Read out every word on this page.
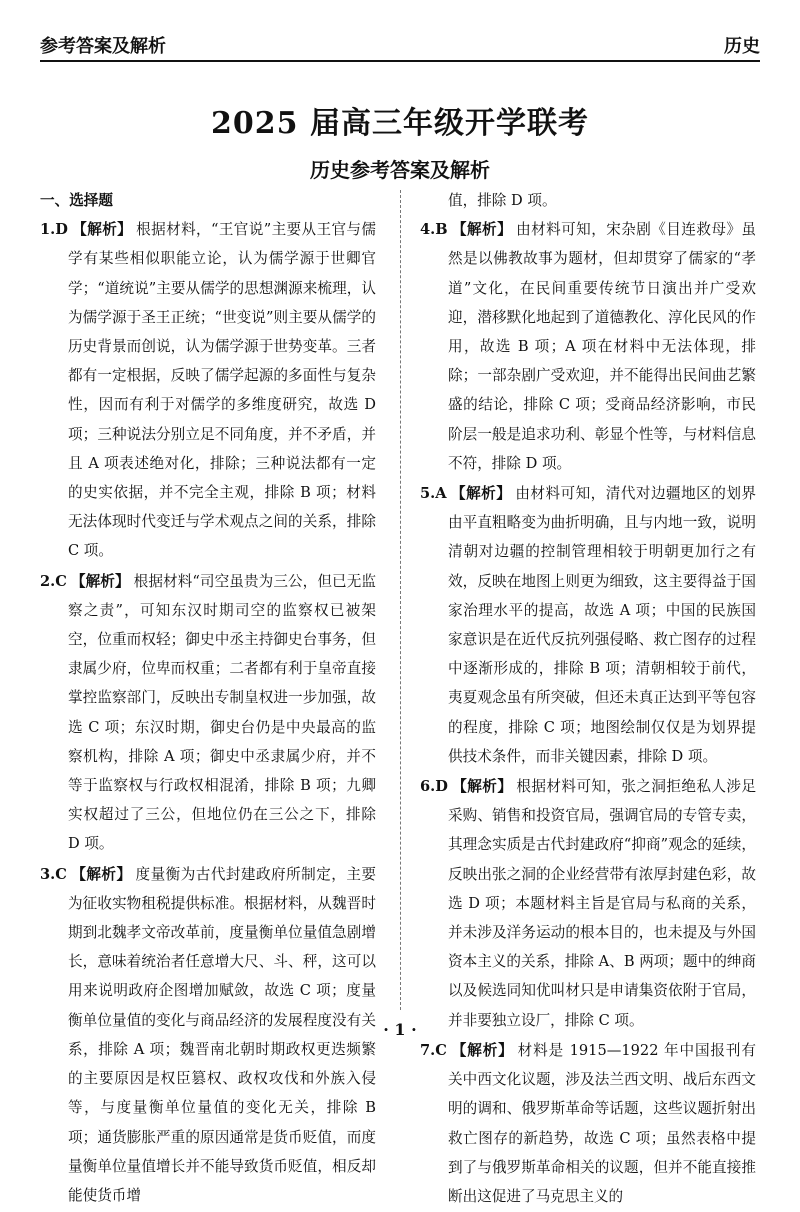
参考答案及解析	历史
2025 届高三年级开学联考
历史参考答案及解析

一、选择题

1.D 【解析】 根据材料，“王官说”主要从王官与儒学有某些相似职能立论，认为儒学源于世卿官学；“道统说”主要从儒学的思想渊源来梳理，认为儒学源于圣王正统；“世变说”则主要从儒学的历史背景而创说，认为儒学源于世势变革。三者都有一定根据，反映了儒学起源的多面性与复杂性，因而有利于对儒学的多维度研究，故选 D 项；三种说法分别立足不同角度，并不矛盾，并且 A 项表述绝对化，排除；三种说法都有一定的史实依据，并不完全主观，排除 B 项；材料无法体现时代变迁与学术观点之间的关系，排除 C 项。

2.C 【解析】 根据材料“司空虽贵为三公，但已无监察之责”，可知东汉时期司空的监察权已被架空，位重而权轻；御史中丞主持御史台事务，但隶属少府，位卑而权重；二者都有利于皇帝直接掌控监察部门，反映出专制皇权进一步加强，故选 C 项；东汉时期，御史台仍是中央最高的监察机构，排除 A 项；御史中丞隶属少府，并不等于监察权与行政权相混淆，排除 B 项；九卿实权超过了三公，但地位仍在三公之下，排除 D 项。

3.C 【解析】 度量衡为古代封建政府所制定，主要为征收实物租税提供标准。根据材料，从魏晋时期到北魏孝文帝改革前，度量衡单位量值急剧增长，意味着统治者任意增大尺、斗、秤，这可以用来说明政府企图增加赋敛，故选 C 项；度量衡单位量值的变化与商品经济的发展程度没有关系，排除 A 项；魏晋南北朝时期政权更迭频繁的主要原因是权臣篡权、政权攻伐和外族入侵等，与度量衡单位量值的变化无关，排除 B 项；通货膨胀严重的原因通常是货币贬值，而度量衡单位量值增长并不能导致货币贬值，相反却能使货币增

值，排除 D 项。

4.B 【解析】 由材料可知，宋杂剧《目连救母》虽然是以佛教故事为题材，但却贯穿了儒家的“孝道”文化，在民间重要传统节日演出并广受欢迎，潜移默化地起到了道德教化、淳化民风的作用，故选 B 项；A 项在材料中无法体现，排除；一部杂剧广受欢迎，并不能得出民间曲艺繁盛的结论，排除 C 项；受商品经济影响，市民阶层一般是追求功利、彰显个性等，与材料信息不符，排除 D 项。

5.A 【解析】 由材料可知，清代对边疆地区的划界由平直粗略变为曲折明确，且与内地一致，说明清朝对边疆的控制管理相较于明朝更加行之有效，反映在地图上则更为细致，这主要得益于国家治理水平的提高，故选 A 项；中国的民族国家意识是在近代反抗列强侵略、救亡图存的过程中逐渐形成的，排除 B 项；清朝相较于前代，夷夏观念虽有所突破，但还未真正达到平等包容的程度，排除 C 项；地图绘制仅仅是为划界提供技术条件，而非关键因素，排除 D 项。

6.D 【解析】 根据材料可知，张之洞拒绝私人涉足采购、销售和投资官局，强调官局的专管专卖，其理念实质是古代封建政府“抑商”观念的延续，反映出张之洞的企业经营带有浓厚封建色彩，故选 D 项；本题材料主旨是官局与私商的关系，并未涉及洋务运动的根本目的，也未提及与外国资本主义的关系，排除 A、B 两项；题中的绅商以及候选同知优叫材只是申请集资依附于官局，并非要独立设厂，排除 C 项。

7.C 【解析】 材料是 1915—1922 年中国报刊有关中西文化议题，涉及法兰西文明、战后东西文明的调和、俄罗斯革命等话题，这些议题折射出救亡图存的新趋势，故选 C 项；虽然表格中提到了与俄罗斯革命相关的议题，但并不能直接推断出这促进了马克思主义的

· 1 ·
